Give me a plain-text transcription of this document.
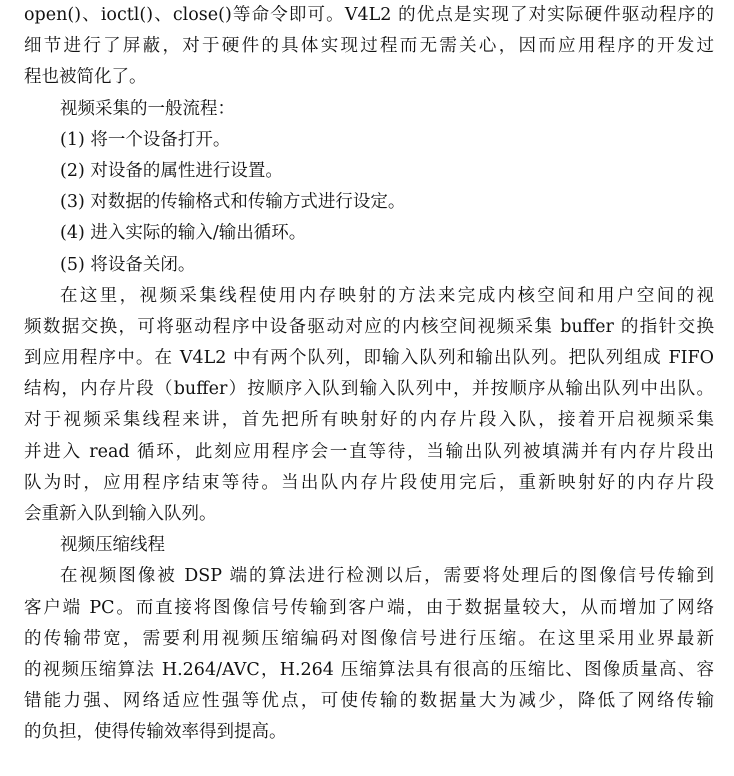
open()、ioctl()、close()等命令即可。V4L2 的优点是实现了对实际硬件驱动程序的
细节进行了屏蔽，对于硬件的具体实现过程而无需关心，因而应用程序的开发过
程也被简化了。
视频采集的一般流程：
(1) 将一个设备打开。
(2) 对设备的属性进行设置。
(3) 对数据的传输格式和传输方式进行设定。
(4) 进入实际的输入/输出循环。
(5) 将设备关闭。
在这里，视频采集线程使用内存映射的方法来完成内核空间和用户空间的视
频数据交换，可将驱动程序中设备驱动对应的内核空间视频采集 buffer 的指针交换
到应用程序中。在 V4L2 中有两个队列，即输入队列和输出队列。把队列组成 FIFO
结构，内存片段（buffer）按顺序入队到输入队列中，并按顺序从输出队列中出队。
对于视频采集线程来讲，首先把所有映射好的内存片段入队，接着开启视频采集
并进入 read 循环，此刻应用程序会一直等待，当输出队列被填满并有内存片段出
队为时，应用程序结束等待。当出队内存片段使用完后，重新映射好的内存片段
会重新入队到输入队列。
视频压缩线程
在视频图像被 DSP 端的算法进行检测以后，需要将处理后的图像信号传输到
客户端 PC。而直接将图像信号传输到客户端，由于数据量较大，从而增加了网络
的传输带宽，需要利用视频压缩编码对图像信号进行压缩。在这里采用业界最新
的视频压缩算法 H.264/AVC，H.264 压缩算法具有很高的压缩比、图像质量高、容
错能力强、网络适应性强等优点，可使传输的数据量大为减少，降低了网络传输
的负担，使得传输效率得到提高。
